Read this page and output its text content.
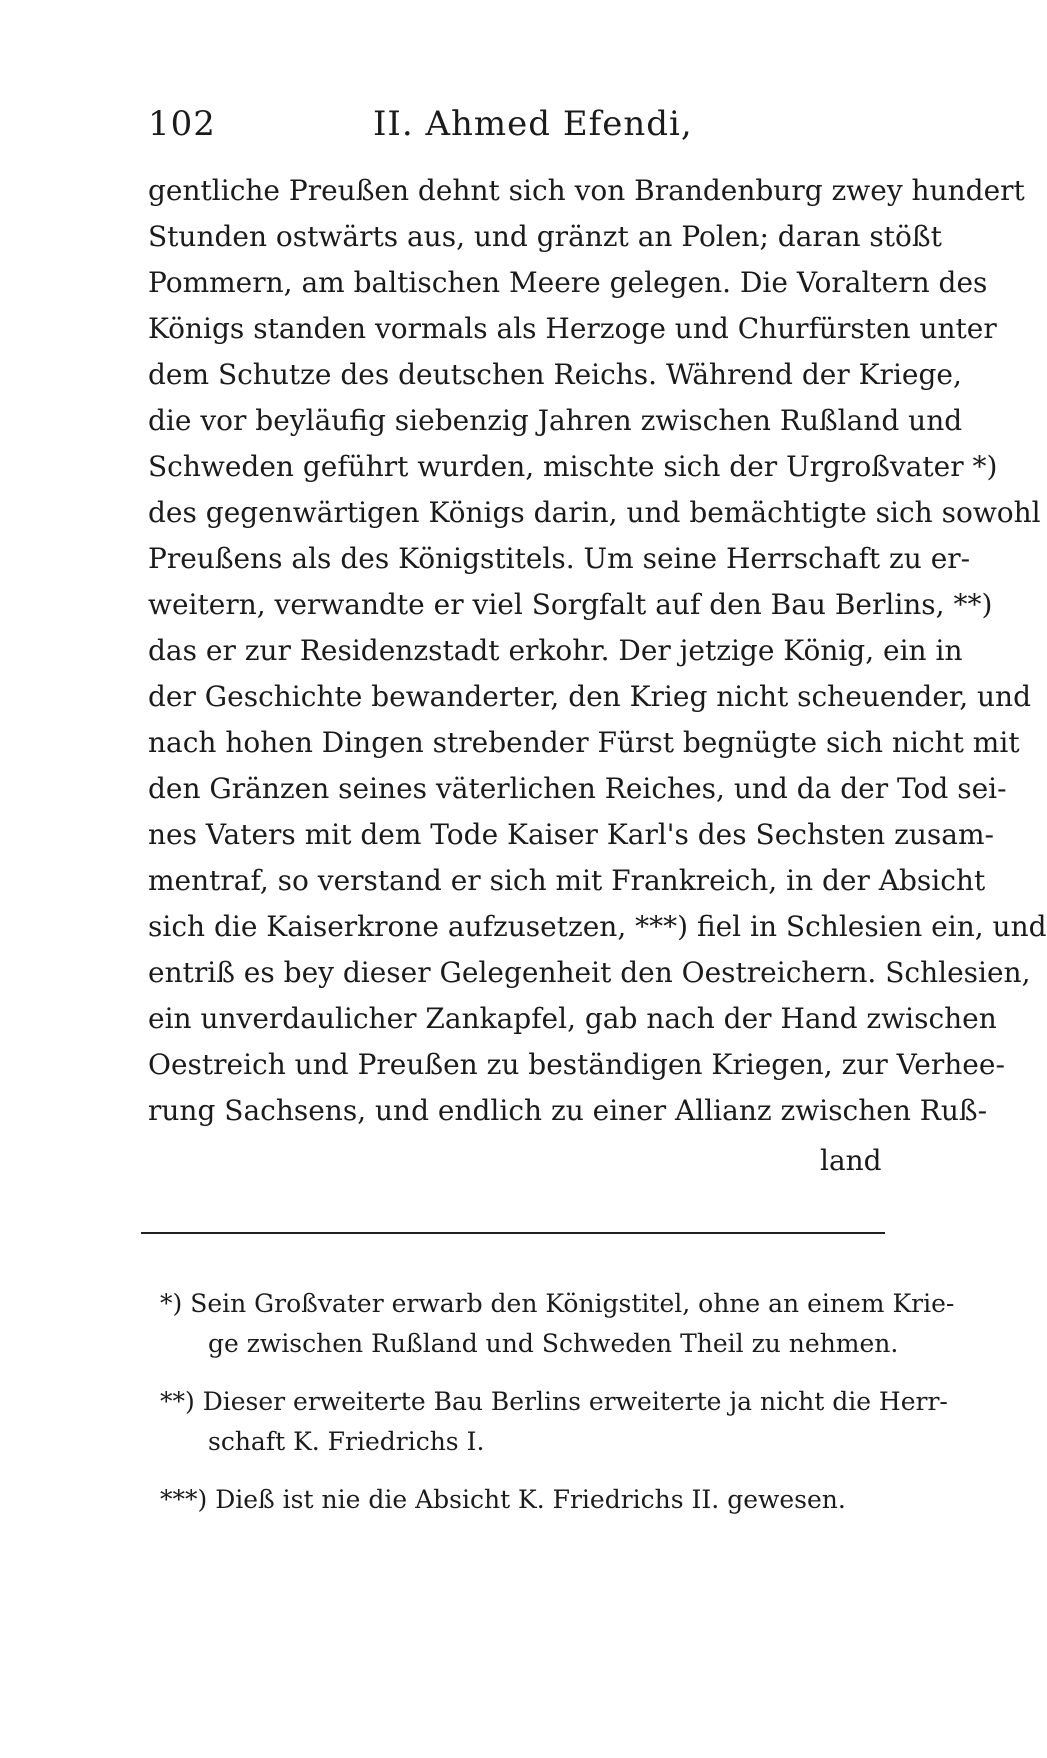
102	II. Ahmed Efendi,
gentliche Preußen dehnt sich von Brandenburg zwey hundert
Stunden ostwärts aus, und gränzt an Polen; daran stößt
Pommern, am baltischen Meere gelegen. Die Voraltern des
Königs standen vormals als Herzoge und Churfürsten unter
dem Schutze des deutschen Reichs. Während der Kriege,
die vor beyläufig siebenzig Jahren zwischen Rußland und
Schweden geführt wurden, mischte sich der Urgroßvater *)
des gegenwärtigen Königs darin, und bemächtigte sich sowohl
Preußens als des Königstitels. Um seine Herrschaft zu er-
weitern, verwandte er viel Sorgfalt auf den Bau Berlins, **)
das er zur Residenzstadt erkohr. Der jetzige König, ein in
der Geschichte bewanderter, den Krieg nicht scheuender, und
nach hohen Dingen strebender Fürst begnügte sich nicht mit
den Gränzen seines väterlichen Reiches, und da der Tod sei-
nes Vaters mit dem Tode Kaiser Karl's des Sechsten zusam-
mentraf, so verstand er sich mit Frankreich, in der Absicht
sich die Kaiserkrone aufzusetzen, ***) fiel in Schlesien ein, und
entriß es bey dieser Gelegenheit den Oestreichern. Schlesien,
ein unverdaulicher Zankapfel, gab nach der Hand zwischen
Oestreich und Preußen zu beständigen Kriegen, zur Verhee-
rung Sachsens, und endlich zu einer Allianz zwischen Ruß-
land
*) Sein Großvater erwarb den Königstitel, ohne an einem Krie-
ge zwischen Rußland und Schweden Theil zu nehmen.
**) Dieser erweiterte Bau Berlins erweiterte ja nicht die Herr-
schaft K. Friedrichs I.
***) Dieß ist nie die Absicht K. Friedrichs II. gewesen.
